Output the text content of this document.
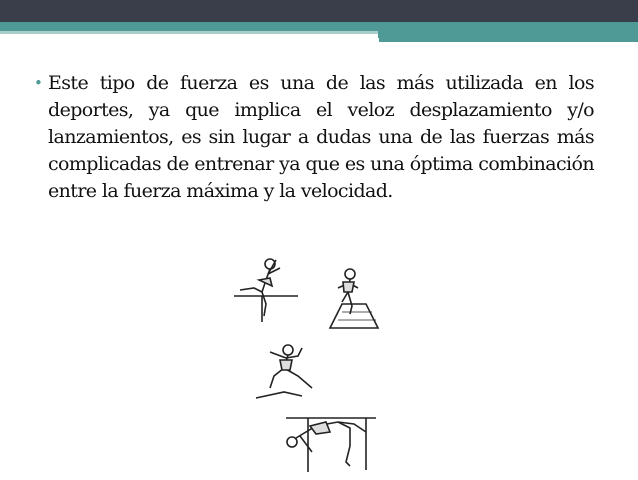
• Este tipo de fuerza es una de las más utilizada en los deportes, ya que implica el veloz desplazamiento y/o lanzamientos, es sin lugar a dudas una de las fuerzas más complicadas de entrenar ya que es una óptima combinación entre la fuerza máxima y la velocidad.
